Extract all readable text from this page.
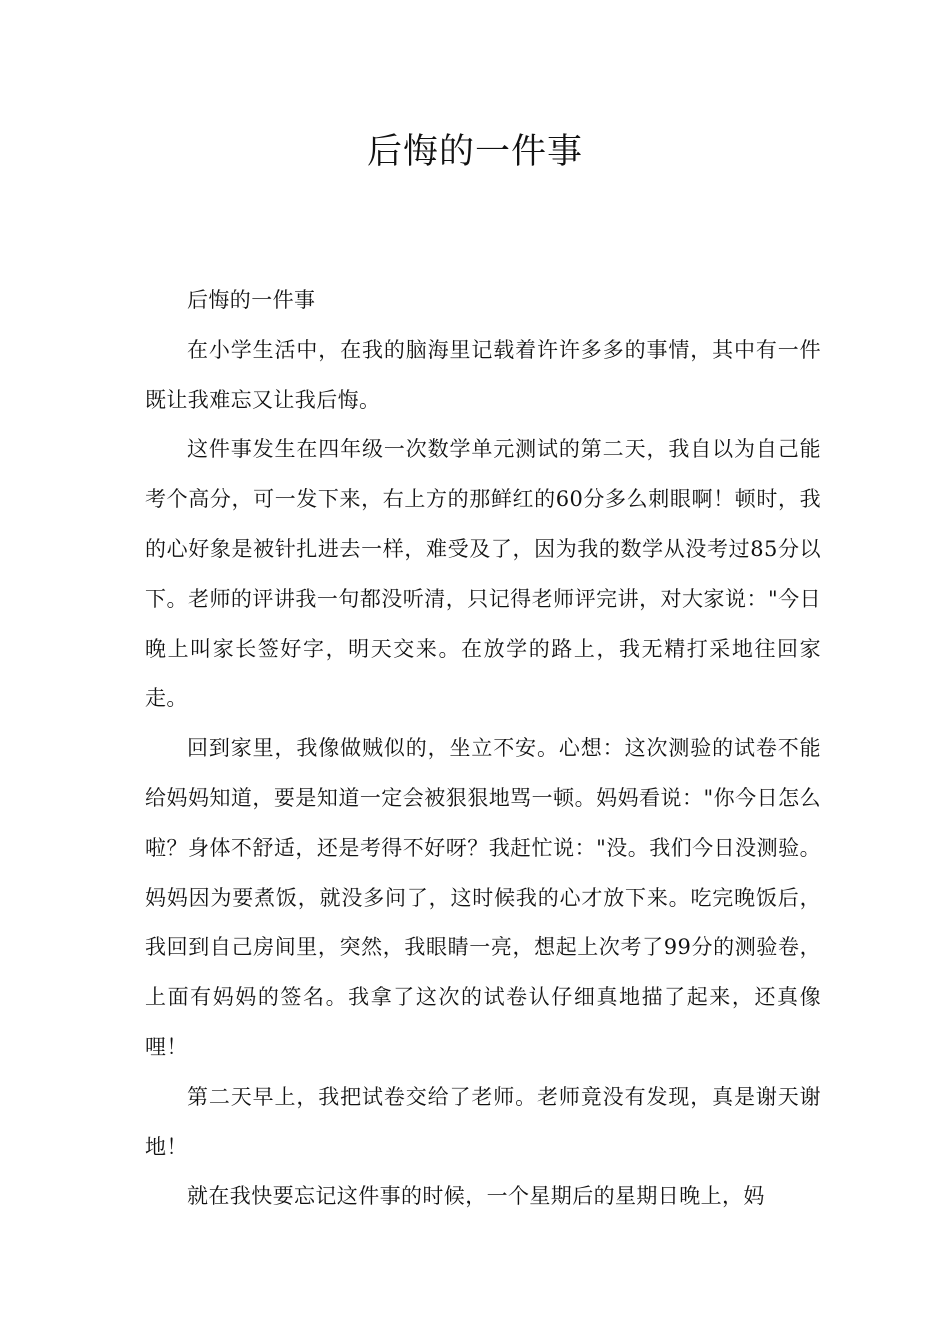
后悔的一件事

后悔的一件事

在小学生活中，在我的脑海里记载着许许多多的事情，其中有一件既让我难忘又让我后悔。

这件事发生在四年级一次数学单元测试的第二天，我自以为自己能考个高分，可一发下来，右上方的那鲜红的60分多么刺眼啊！顿时，我的心好象是被针扎进去一样，难受及了，因为我的数学从没考过85分以下。老师的评讲我一句都没听清，只记得老师评完讲，对大家说："今日晚上叫家长签好字，明天交来。在放学的路上，我无精打采地往回家走。

回到家里，我像做贼似的，坐立不安。心想：这次测验的试卷不能给妈妈知道，要是知道一定会被狠狠地骂一顿。妈妈看说："你今日怎么啦？身体不舒适，还是考得不好呀？我赶忙说："没。我们今日没测验。妈妈因为要煮饭，就没多问了，这时候我的心才放下来。吃完晚饭后，我回到自己房间里，突然，我眼睛一亮，想起上次考了99分的测验卷，上面有妈妈的签名。我拿了这次的试卷认仔细真地描了起来，还真像哩！

第二天早上，我把试卷交给了老师。老师竟没有发现，真是谢天谢地！

就在我快要忘记这件事的时候，一个星期后的星期日晚上，妈
